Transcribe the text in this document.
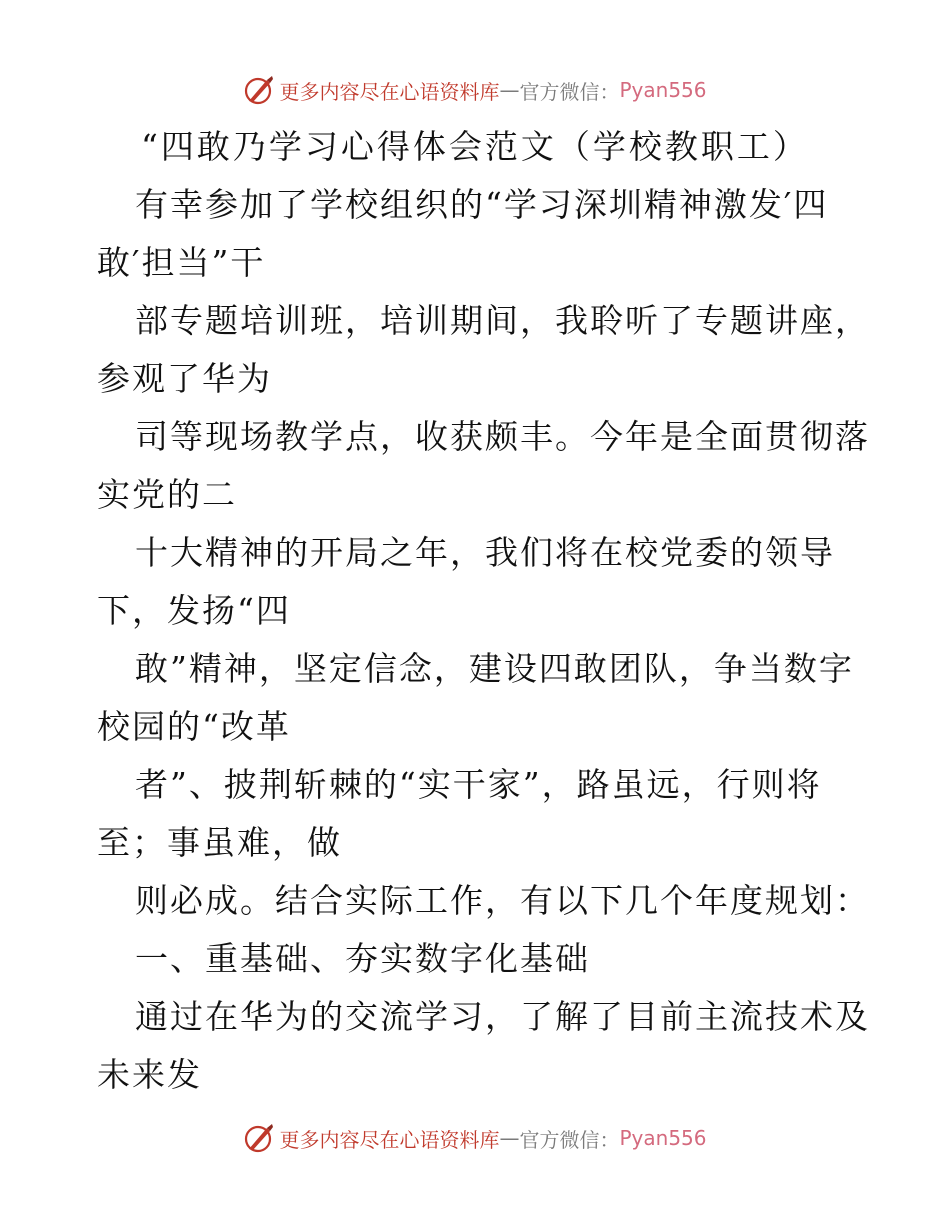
更多内容尽在心语资料库 — 官方微信： Pyan556
“四敢乃学习心得体会范文（学校教职工）
有幸参加了学校组织的“学习深圳精神激发′四
敢′担当”干
部专题培训班，培训期间，我聆听了专题讲座，
参观了华为
司等现场教学点，收获颇丰。今年是全面贯彻落
实党的二
十大精神的开局之年，我们将在校党委的领导
下，发扬“四
敢”精神，坚定信念，建设四敢团队，争当数字
校园的“改革
者”、披荆斩棘的“实干家”，路虽远，行则将
至；事虽难，做
则必成。结合实际工作，有以下几个年度规划：
一、重基础、夯实数字化基础
通过在华为的交流学习，了解了目前主流技术及
未来发
更多内容尽在心语资料库 — 官方微信： Pyan556
